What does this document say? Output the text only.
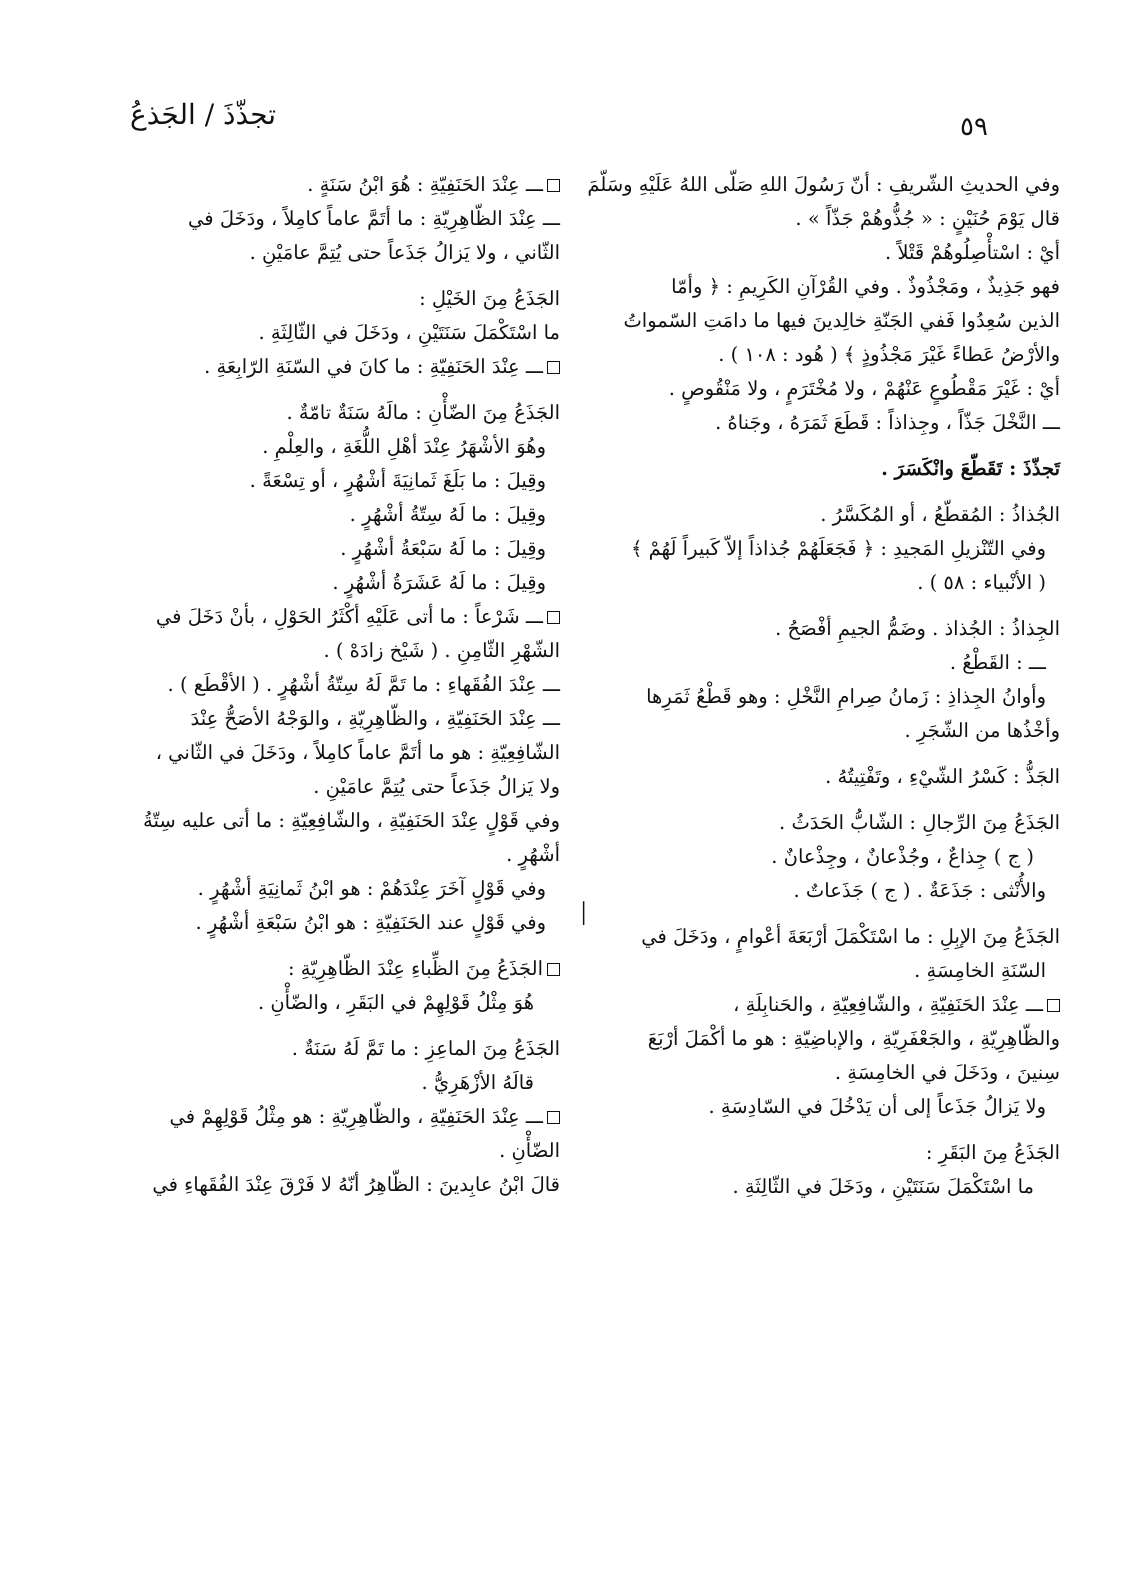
تجذّذَ / الجَذعُ	٥٩
وفي الحديثِ الشّريفِ : أنّ رَسُولَ اللهِ صَلّى اللهُ عَلَيْهِ وسَلّمَ
قال يَوْمَ حُنَيْنٍ : « جُذُّوهُمْ جَذّاً » .
أيْ : اسْتأْصِلُوهُمْ قَتْلاً .
فهو جَذِيذٌ ، ومَجْذُوذٌ . وفي القُرْآنِ الكَرِيمِ : ﴿ وأمّا
الذين سُعِدُوا فَفي الجَنّةِ خالِدينَ فيها ما دامَتِ السّمواتُ
والأرْضُ عَطاءً غَيْرَ مَجْذُوذٍ ﴾ ( هُود : ١٠٨ ) .
أيْ : غَيْرَ مَقْطُوعٍ عَنْهُمْ ، ولا مُخْتَرَمٍ ، ولا مَنْقُوصٍ .
ـــ النَّخْلَ جَذّاً ، وجِذاذاً : قَطَعَ ثَمَرَهُ ، وجَناهُ .
تَجذّذَ : تَقَطّعَ وانْكَسَرَ .
الجُذاذُ : المُقطّعُ ، أو المُكَسَّرُ .
وفي التّنْزيلِ المَجيدِ : ﴿ فَجَعَلَهُمْ جُذاذاً إلاّ كَبيراً لَهُمْ ﴾
( الأنْبياء : ٥٨ ) .
الجِذاذُ : الجُذاذ . وضَمُّ الجيمِ أفْصَحُ .
ـــ : القَطْعُ .
وأوانُ الجِذاذِ : زَمانُ صِرامِ النَّخْلِ : وهو قَطْعُ ثَمَرِها
وأخْذُها من الشّجَرِ .
الجَذُّ : كَسْرُ الشّيْءِ ، وتَفْتِيتُهُ .
الجَذَعُ مِنَ الرِّجالِ : الشّابُّ الحَدَثُ .
( ج ) جِذاعٌ ، وجُذْعانٌ ، وجِذْعانٌ .
والأُنْثى : جَذَعَةٌ . ( ج ) جَذَعاتٌ .
الجَذَعُ مِنَ الإبِلِ : ما اسْتَكْمَلَ أرْبَعَةَ أعْوامٍ ، ودَخَلَ في
السّنَةِ الخامِسَةِ .
ـــ عِنْدَ الحَنَفِيّةِ ، والشّافِعِيّةِ ، والحَنابِلَةِ ،
والظّاهِرِيّةِ ، والجَعْفَرِيّةِ ، والإباضِيّةِ : هو ما أكْمَلَ أرْبَعَ
سِنينَ ، ودَخَلَ في الخامِسَةِ .
ولا يَزالُ جَذَعاً إلى أن يَدْخُلَ في السّادِسَةِ .
الجَذَعُ مِنَ البَقَرِ :
ما اسْتَكْمَلَ سَنَتَيْنِ ، ودَخَلَ في الثّالِثَةِ .
׀
ـــ عِنْدَ الحَنَفِيّةِ : هُوَ ابْنُ سَنَةٍ .
ـــ عِنْدَ الظّاهِرِيّةِ : ما أتَمَّ عاماً كامِلاً ، ودَخَلَ في
الثّاني ، ولا يَزالُ جَذَعاً حتى يُتِمَّ عامَيْنِ .
الجَذَعُ مِنَ الخَيْلِ :
ما اسْتَكْمَلَ سَنَتَيْنِ ، ودَخَلَ في الثّالِثَةِ .
ـــ عِنْدَ الحَنَفِيّةِ : ما كانَ في السّنَةِ الرّابِعَةِ .
الجَذَعُ مِنَ الضّأْنِ : مالَهُ سَنَةٌ تامّةٌ .
وهُوَ الأشْهَرُ عِنْدَ أهْلِ اللُّغَةِ ، والعِلْمِ .
وقِيلَ : ما بَلَغَ ثَمانِيَةَ أشْهُرٍ ، أو تِسْعَةً .
وقِيلَ : ما لَهُ سِتّةُ أشْهُرٍ .
وقِيلَ : ما لَهُ سَبْعَةُ أشْهُرٍ .
وقِيلَ : ما لَهُ عَشَرَةُ أشْهُرٍ .
ـــ شَرْعاً : ما أتى عَلَيْهِ أكْثَرُ الحَوْلِ ، بأنْ دَخَلَ في
الشّهْرِ الثّامِنِ . ( شَيْخ زادَهْ ) .
ـــ عِنْدَ الفُقَهاءِ : ما تَمَّ لَهُ سِتّةُ أشْهُرٍ . ( الأقْطَع ) .
ـــ عِنْدَ الحَنَفِيّةِ ، والظّاهِرِيّةِ ، والوَجْهُ الأصَحُّ عِنْدَ
الشّافِعِيّةِ : هو ما أتَمَّ عاماً كامِلاً ، ودَخَلَ في الثّاني ،
ولا يَزالُ جَذَعاً حتى يُتِمَّ عامَيْنِ .
وفي قَوْلٍ عِنْدَ الحَنَفِيّةِ ، والشّافِعِيّةِ : ما أتى عليه سِتّةُ
أشْهُرٍ .
وفي قَوْلٍ آخَرَ عِنْدَهُمْ : هو ابْنُ ثَمانِيَةِ أشْهُرٍ .
وفي قَوْلٍ عند الحَنَفِيّةِ : هو ابْنُ سَبْعَةِ أشْهُرٍ .
الجَذَعُ مِنَ الظِّباءِ عِنْدَ الظّاهِرِيّةِ :
هُوَ مِثْلُ قَوْلِهِمْ في البَقَرِ ، والضّأْنِ .
الجَذَعُ مِنَ الماعِزِ : ما تَمَّ لَهُ سَنَةٌ .
قالَهُ الأزْهَرِيُّ .
ـــ عِنْدَ الحَنَفِيّةِ ، والظّاهِرِيّةِ : هو مِثْلُ قَوْلِهِمْ في
الضّأْنِ .
قالَ ابْنُ عابِدينَ : الظّاهِرُ أنّهُ لا فَرْقَ عِنْدَ الفُقَهاءِ في
